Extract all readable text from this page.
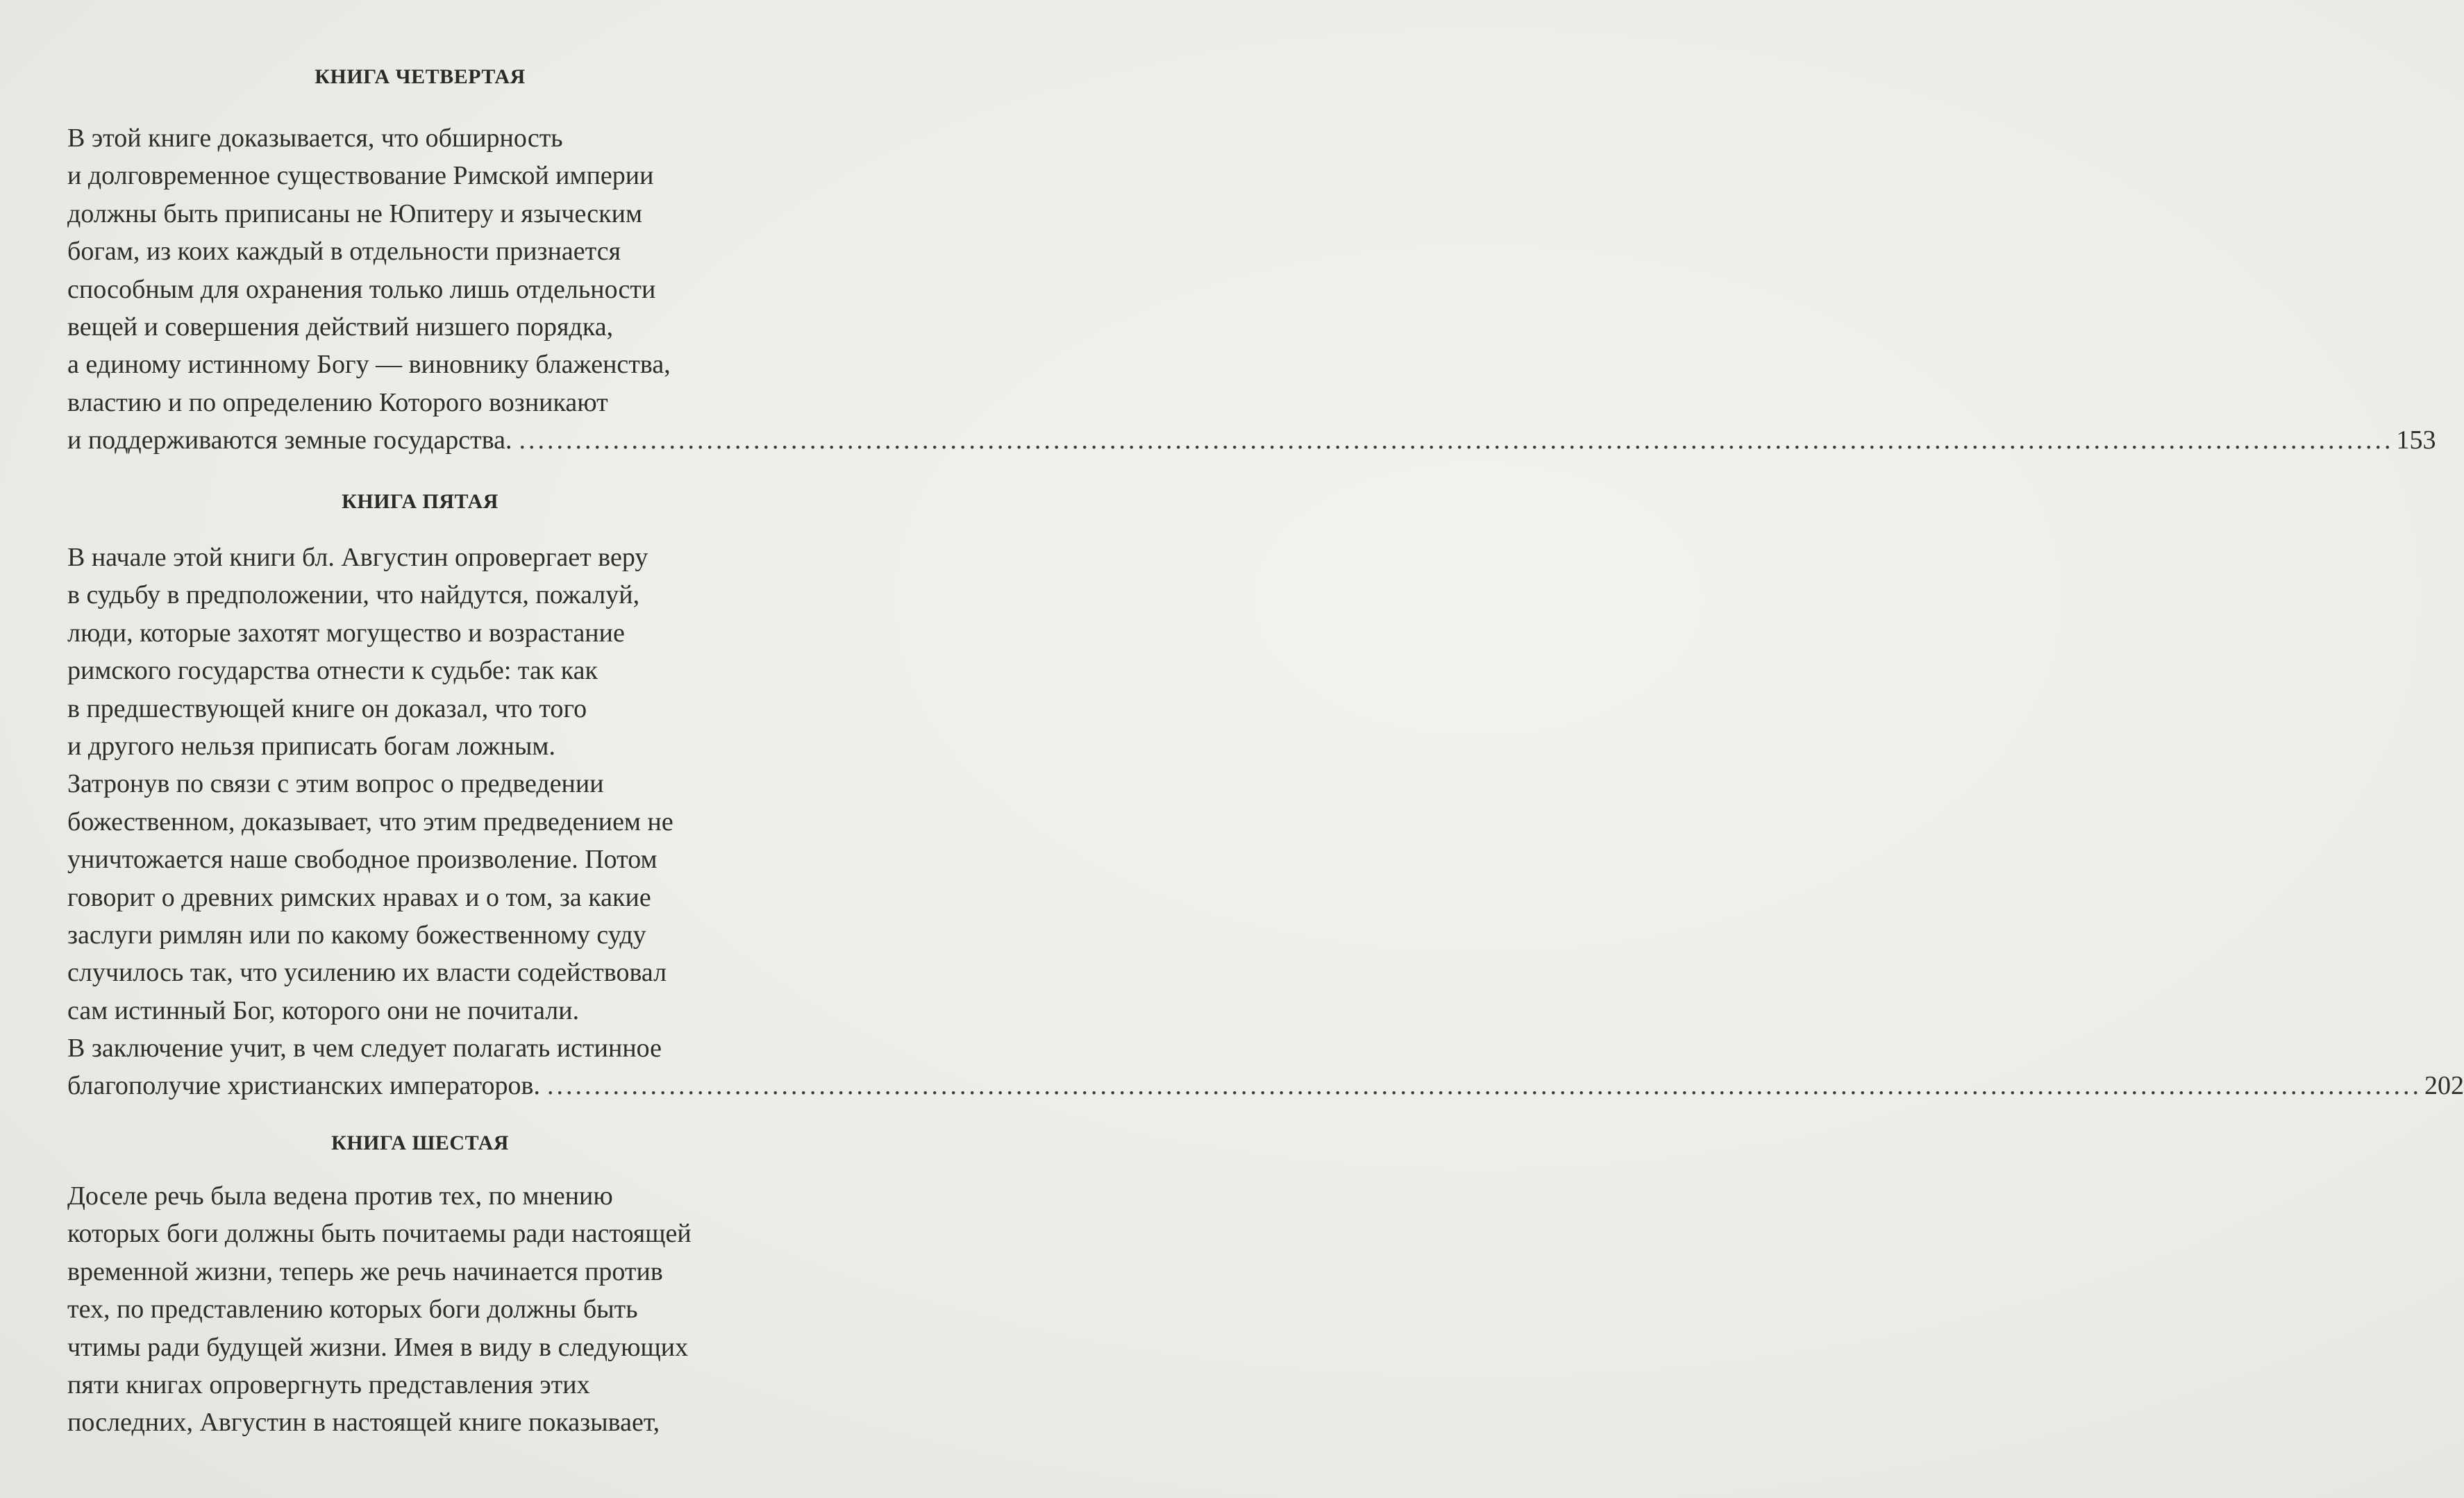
КНИГА ЧЕТВЕРТАЯ
В этой книге доказывается, что обширность
и долговременное существование Римской империи
должны быть приписаны не Юпитеру и языческим
богам, из коих каждый в отдельности признается
способным для охранения только лишь отдельности
вещей и совершения действий низшего порядка,
а единому истинному Богу — виновнику блаженства,
властию и по определению Которого возникают
и поддерживаются земные государства. ........................................................................................................................................................................................................ 153
КНИГА ПЯТАЯ
В начале этой книги бл. Августин опровергает веру
в судьбу в предположении, что найдутся, пожалуй,
люди, которые захотят могущество и возрастание
римского государства отнести к судьбе: так как
в предшествующей книге он доказал, что того
и другого нельзя приписать богам ложным.
Затронув по связи с этим вопрос о предведении
божественном, доказывает, что этим предведением не
уничтожается наше свободное произволение. Потом
говорит о древних римских нравах и о том, за какие
заслуги римлян или по какому божественному суду
случилось так, что усилению их власти содействовал
сам истинный Бог, которого они не почитали.
В заключение учит, в чем следует полагать истинное
благополучие христианских императоров. ........................................................................................................................................................................................................ 202
КНИГА ШЕСТАЯ
Доселе речь была ведена против тех, по мнению
которых боги должны быть почитаемы ради настоящей
временной жизни, теперь же речь начинается против
тех, по представлению которых боги должны быть
чтимы ради будущей жизни. Имея в виду в следующих
пяти книгах опровергнуть представления этих
последних, Августин в настоящей книге показывает,
